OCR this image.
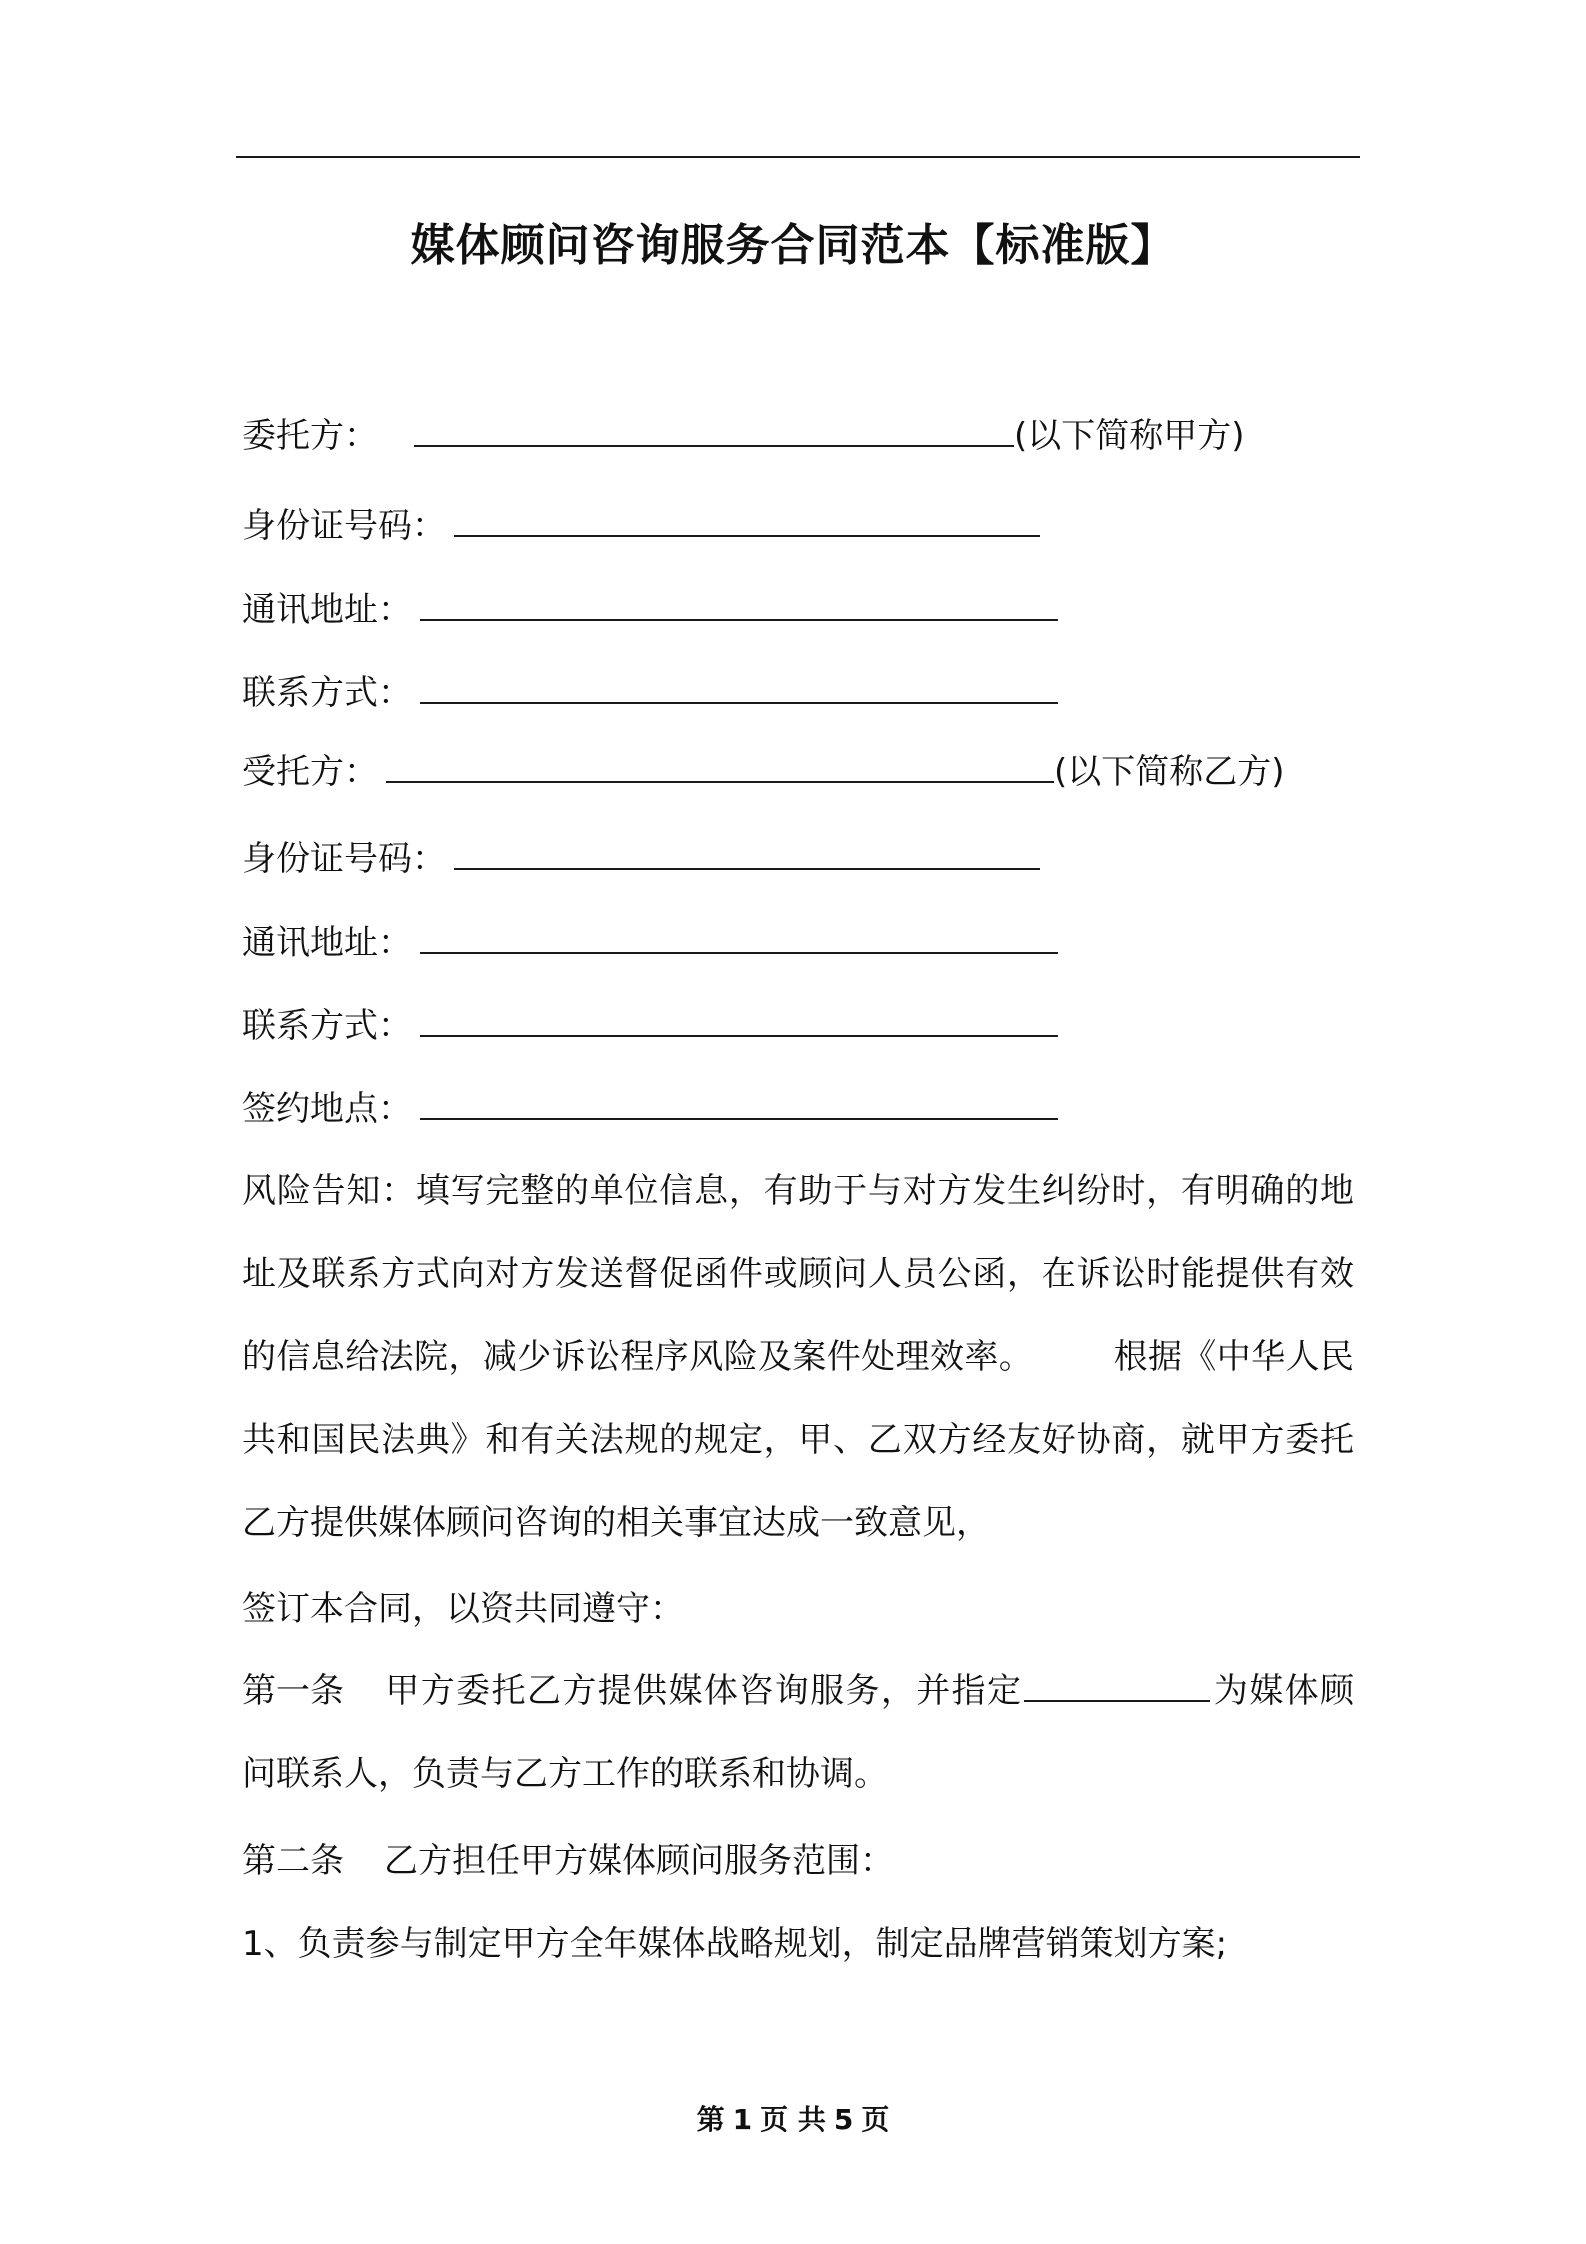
媒体顾问咨询服务合同范本【标准版】
委托方：	(以下简称甲方)
身份证号码：
通讯地址：
联系方式：
受托方：	(以下简称乙方)
身份证号码：
通讯地址：
联系方式：
签约地点：
风险告知：填写完整的单位信息，有助于与对方发生纠纷时，有明确的地址及联系方式向对方发送督促函件或顾问人员公函，在诉讼时能提供有效的信息给法院，减少诉讼程序风险及案件处理效率。 根据《中华人民共和国民法典》和有关法规的规定，甲、乙双方经友好协商，就甲方委托乙方提供媒体顾问咨询的相关事宜达成一致意见，
签订本合同，以资共同遵守：
第一条 甲方委托乙方提供媒体咨询服务，并指定	为媒体顾问联系人，负责与乙方工作的联系和协调。
第二条 乙方担任甲方媒体顾问服务范围：
1、负责参与制定甲方全年媒体战略规划，制定品牌营销策划方案;
第 1 页 共 5 页
